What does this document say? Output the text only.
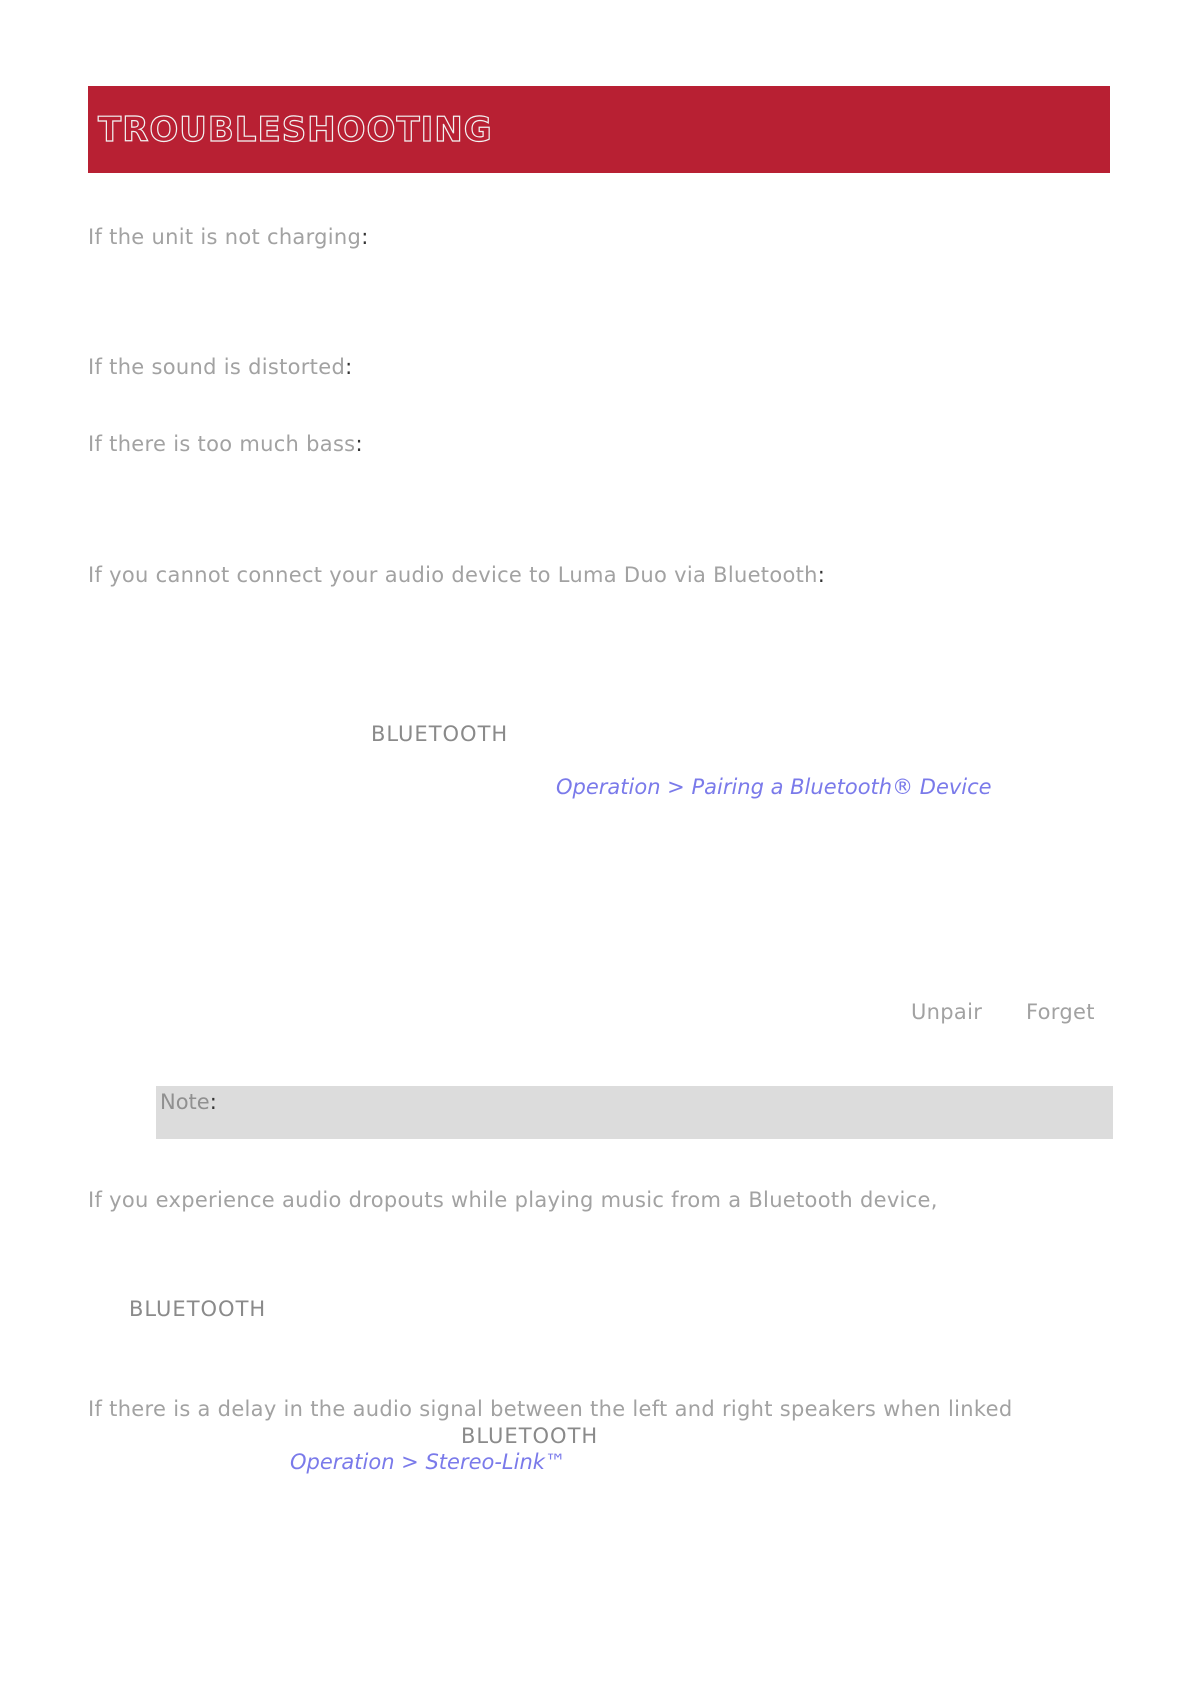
TROUBLESHOOTING

If the unit is not charging:

If the sound is distorted:

If there is too much bass:

If you cannot connect your audio device to Luma Duo via Bluetooth:

BLUETOOTH

Operation > Pairing a Bluetooth® Device

Unpair Forget

Note:

If you experience audio dropouts while playing music from a Bluetooth device,

BLUETOOTH

If there is a delay in the audio signal between the left and right speakers when linked

BLUETOOTH

Operation > Stereo-Link™
